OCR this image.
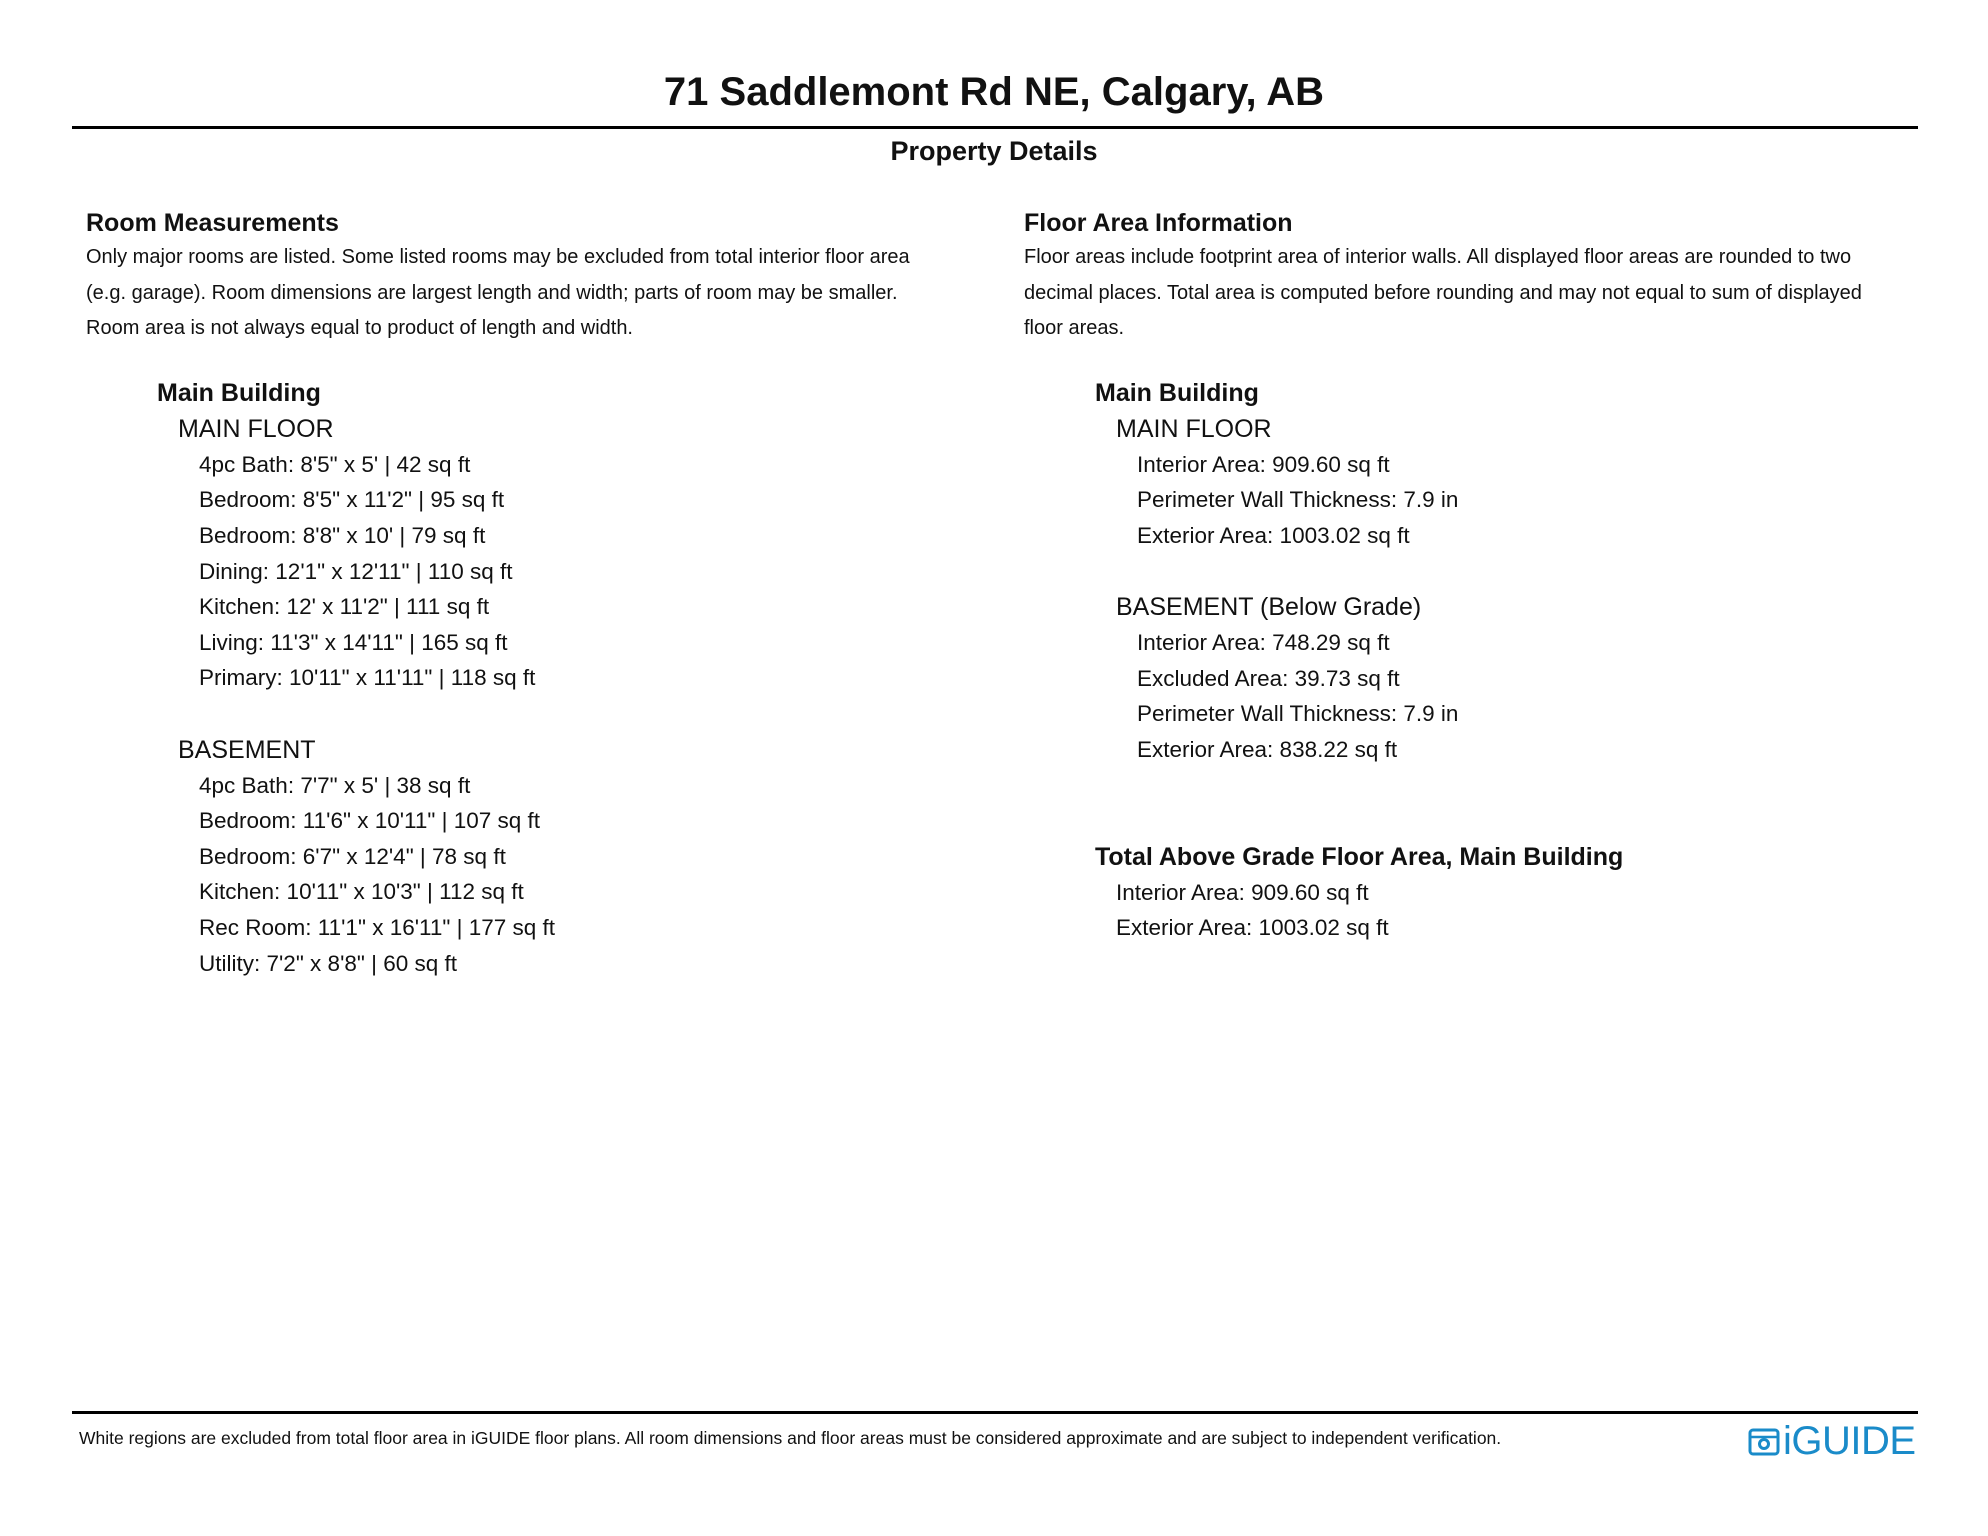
71 Saddlemont Rd NE, Calgary, AB
Property Details
Room Measurements
Only major rooms are listed. Some listed rooms may be excluded from total interior floor area
(e.g. garage). Room dimensions are largest length and width; parts of room may be smaller.
Room area is not always equal to product of length and width.
Main Building
MAIN FLOOR
4pc Bath: 8'5" x 5' | 42 sq ft
Bedroom: 8'5" x 11'2" | 95 sq ft
Bedroom: 8'8" x 10' | 79 sq ft
Dining: 12'1" x 12'11" | 110 sq ft
Kitchen: 12' x 11'2" | 111 sq ft
Living: 11'3" x 14'11" | 165 sq ft
Primary: 10'11" x 11'11" | 118 sq ft
BASEMENT
4pc Bath: 7'7" x 5' | 38 sq ft
Bedroom: 11'6" x 10'11" | 107 sq ft
Bedroom: 6'7" x 12'4" | 78 sq ft
Kitchen: 10'11" x 10'3" | 112 sq ft
Rec Room: 11'1" x 16'11" | 177 sq ft
Utility: 7'2" x 8'8" | 60 sq ft
Floor Area Information
Floor areas include footprint area of interior walls. All displayed floor areas are rounded to two
decimal places. Total area is computed before rounding and may not equal to sum of displayed
floor areas.
Main Building
MAIN FLOOR
Interior Area: 909.60 sq ft
Perimeter Wall Thickness: 7.9 in
Exterior Area: 1003.02 sq ft
BASEMENT (Below Grade)
Interior Area: 748.29 sq ft
Excluded Area: 39.73 sq ft
Perimeter Wall Thickness: 7.9 in
Exterior Area: 838.22 sq ft
Total Above Grade Floor Area, Main Building
Interior Area: 909.60 sq ft
Exterior Area: 1003.02 sq ft
White regions are excluded from total floor area in iGUIDE floor plans. All room dimensions and floor areas must be considered approximate and are subject to independent verification.	iGUIDE
